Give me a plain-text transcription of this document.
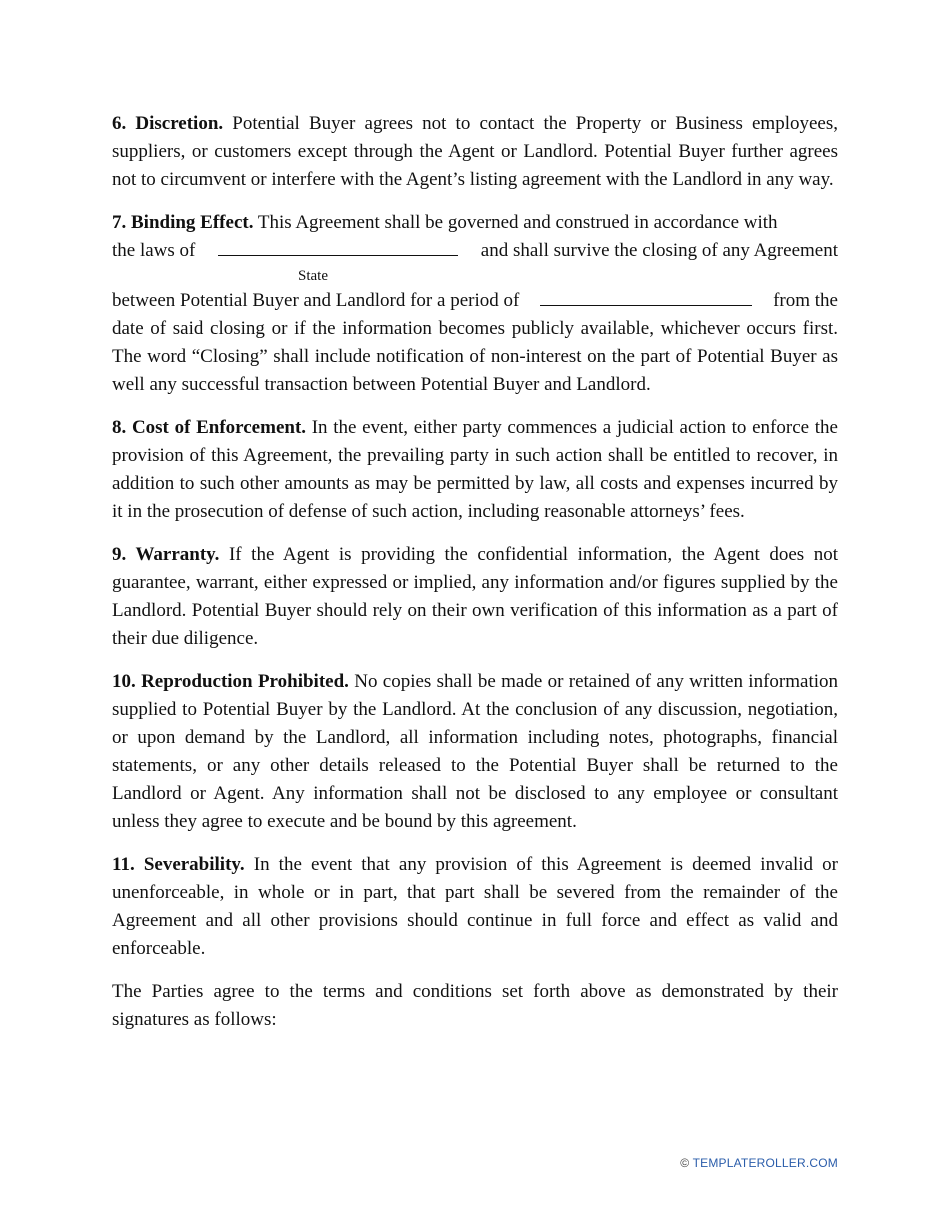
6. Discretion. Potential Buyer agrees not to contact the Property or Business employees, suppliers, or customers except through the Agent or Landlord. Potential Buyer further agrees not to circumvent or interfere with the Agent’s listing agreement with the Landlord in any way.

7. Binding Effect. This Agreement shall be governed and construed in accordance with
the laws of	and shall survive the closing of any Agreement
State
between Potential Buyer and Landlord for a period of	from the
date of said closing or if the information becomes publicly available, whichever occurs first. The word “Closing” shall include notification of non-interest on the part of Potential Buyer as well any successful transaction between Potential Buyer and Landlord.

8. Cost of Enforcement. In the event, either party commences a judicial action to enforce the provision of this Agreement, the prevailing party in such action shall be entitled to recover, in addition to such other amounts as may be permitted by law, all costs and expenses incurred by it in the prosecution of defense of such action, including reasonable attorneys’ fees.

9. Warranty. If the Agent is providing the confidential information, the Agent does not guarantee, warrant, either expressed or implied, any information and/or figures supplied by the Landlord. Potential Buyer should rely on their own verification of this information as a part of their due diligence.

10. Reproduction Prohibited. No copies shall be made or retained of any written information supplied to Potential Buyer by the Landlord. At the conclusion of any discussion, negotiation, or upon demand by the Landlord, all information including notes, photographs, financial statements, or any other details released to the Potential Buyer shall be returned to the Landlord or Agent. Any information shall not be disclosed to any employee or consultant unless they agree to execute and be bound by this agreement.

11. Severability. In the event that any provision of this Agreement is deemed invalid or unenforceable, in whole or in part, that part shall be severed from the remainder of the Agreement and all other provisions should continue in full force and effect as valid and enforceable.

The Parties agree to the terms and conditions set forth above as demonstrated by their signatures as follows:

© TEMPLATEROLLER.COM
